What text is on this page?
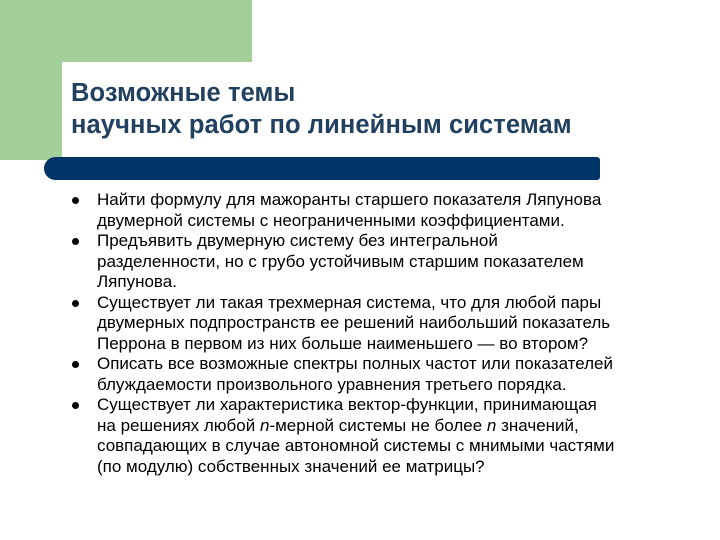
Возможные темы
научных работ по линейным системам
Найти формулу для мажоранты старшего показателя Ляпунова
двумерной системы с неограниченными коэффициентами.
Предъявить двумерную систему без интегральной
разделенности, но с грубо устойчивым старшим показателем
Ляпунова.
Существует ли такая трехмерная система, что для любой пары
двумерных подпространств ее решений наибольший показатель
Перрона в первом из них больше наименьшего — во втором?
Описать все возможные спектры полных частот или показателей
блуждаемости произвольного уравнения третьего порядка.
Существует ли характеристика вектор-функции, принимающая
на решениях любой n-мерной системы не более n значений,
совпадающих в случае автономной системы с мнимыми частями
(по модулю) собственных значений ее матрицы?
